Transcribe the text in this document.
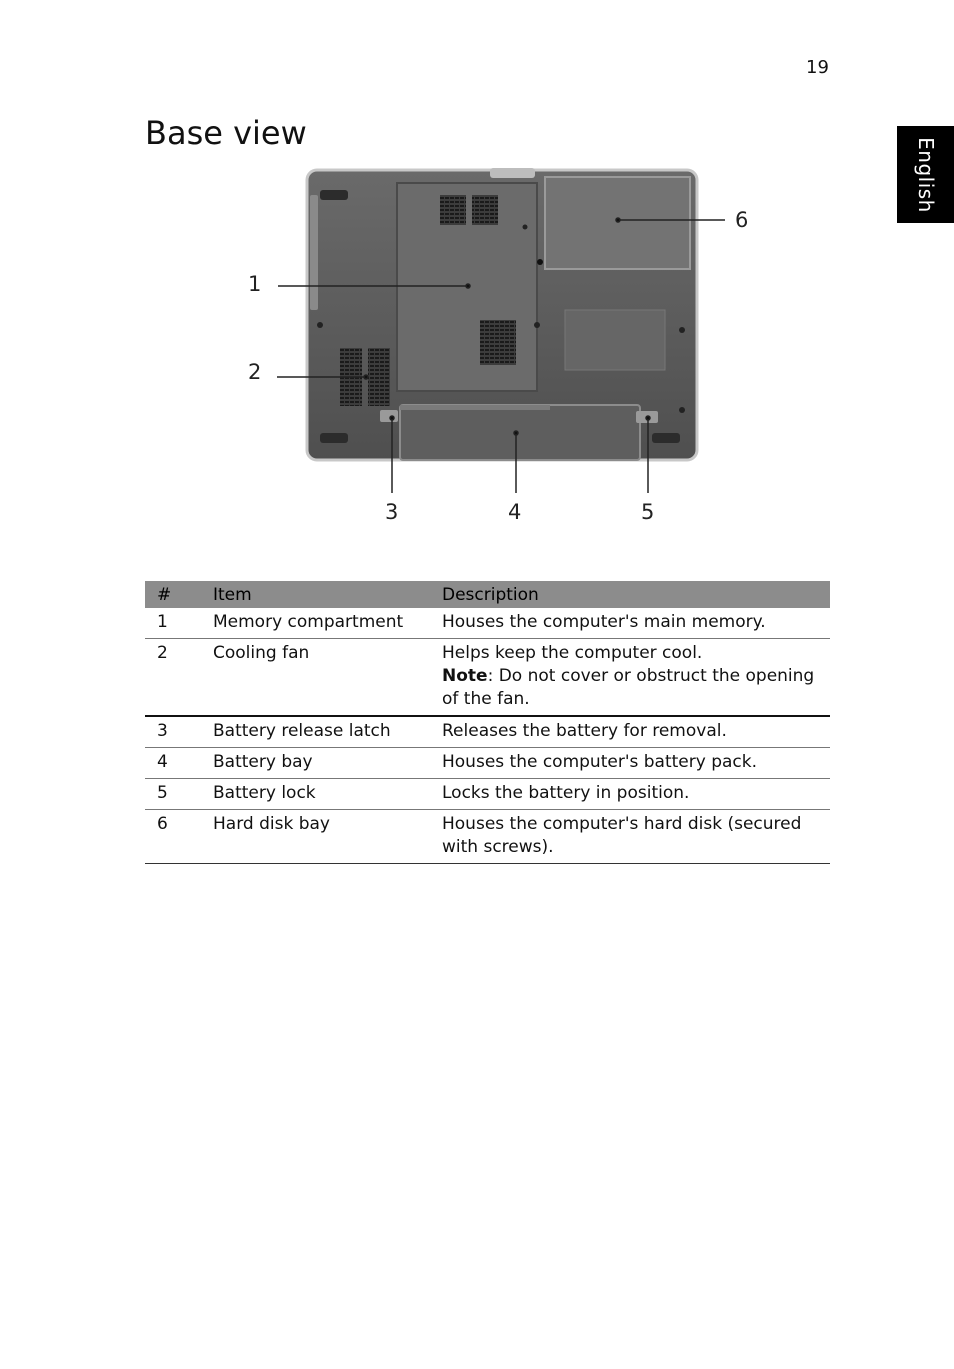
19
English
Base view
1
2
3	4	5
6
#	Item	Description
1	Memory compartment	Houses the computer's main memory.
2	Cooling fan	Helps keep the computer cool.
Note: Do not cover or obstruct the opening of the fan.

3	Battery release latch	Releases the battery for removal.
4	Battery bay	Houses the computer's battery pack.
5	Battery lock	Locks the battery in position.
6	Hard disk bay	Houses the computer's hard disk (secured with screws).
